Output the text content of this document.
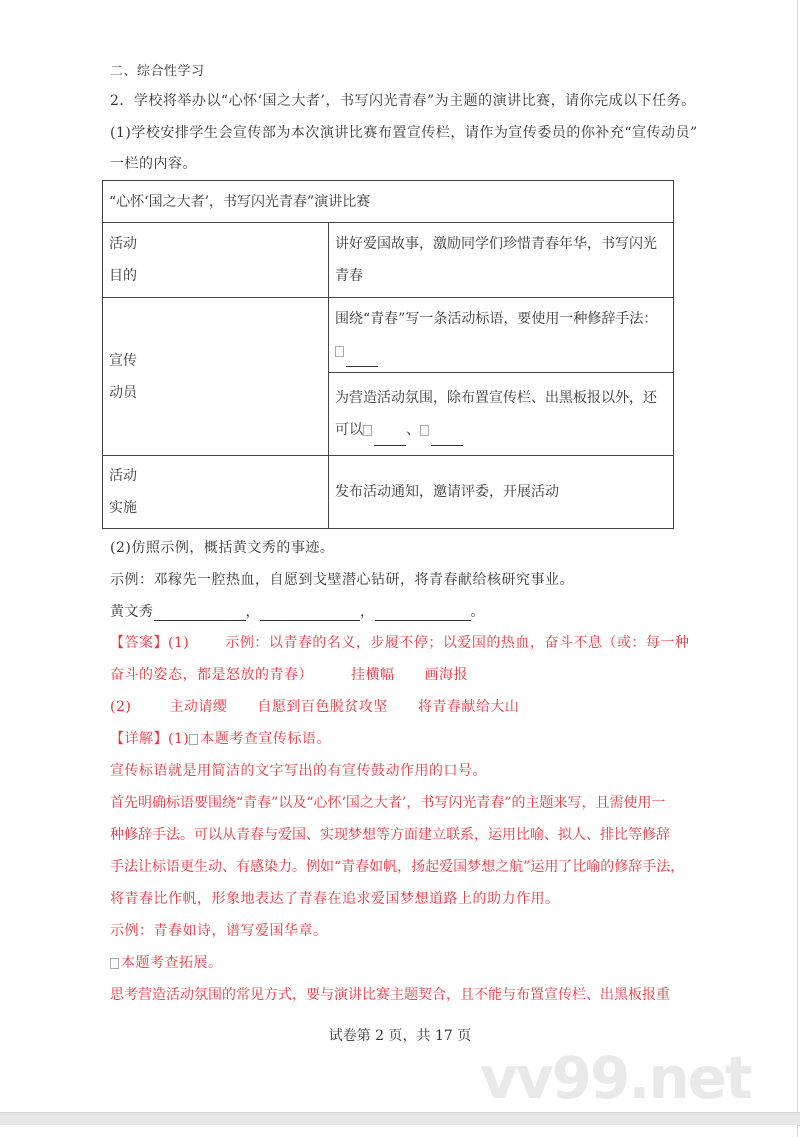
vv99.net
二、综合性学习
2．学校将举办以“心怀‘国之大者’，书写闪光青春”为主题的演讲比赛，请你完成以下任务。
(1)学校安排学生会宣传部为本次演讲比赛布置宣传栏，请作为宣传委员的你补充“宣传动员”
一栏的内容。
“心怀‘国之大者’，书写闪光青春”演讲比赛	
活动
目的	讲好爱国故事，激励同学们珍惜青春年华，书写闪光
青春
宣传
动员	围绕“青春”写一条活动标语，要使用一种修辞手法：

	为营造活动氛围，除布置宣传栏、出黑板报以外，还
可以 、
活动
实施	发布活动通知，邀请评委，开展活动
(2)仿照示例，概括黄文秀的事迹。
示例：邓稼先一腔热血，自愿到戈壁潜心钻研，将青春献给核研究事业。
黄文秀	，	，	。
【答案】(1)	示例：以青春的名义，步履不停；以爱国的热血，奋斗不息（或：每一种
奋斗的姿态，都是怒放的青春）	挂横幅 画海报
(2)	主动请缨 自愿到百色脱贫攻坚 将青春献给大山
【详解】(1) 本题考查宣传标语。
宣传标语就是用简洁的文字写出的有宣传鼓动作用的口号。
首先明确标语要围绕“青春”以及“心怀‘国之大者’，书写闪光青春”的主题来写，且需使用一
种修辞手法。可以从青春与爱国、实现梦想等方面建立联系，运用比喻、拟人、排比等修辞
手法让标语更生动、有感染力。例如“青春如帆，扬起爱国梦想之航”运用了比喻的修辞手法，
将青春比作帆，形象地表达了青春在追求爱国梦想道路上的助力作用。
示例：青春如诗，谱写爱国华章。
本题考查拓展。
思考营造活动氛围的常见方式，要与演讲比赛主题契合，且不能与布置宣传栏、出黑板报重
试卷第 2 页，共 17 页
